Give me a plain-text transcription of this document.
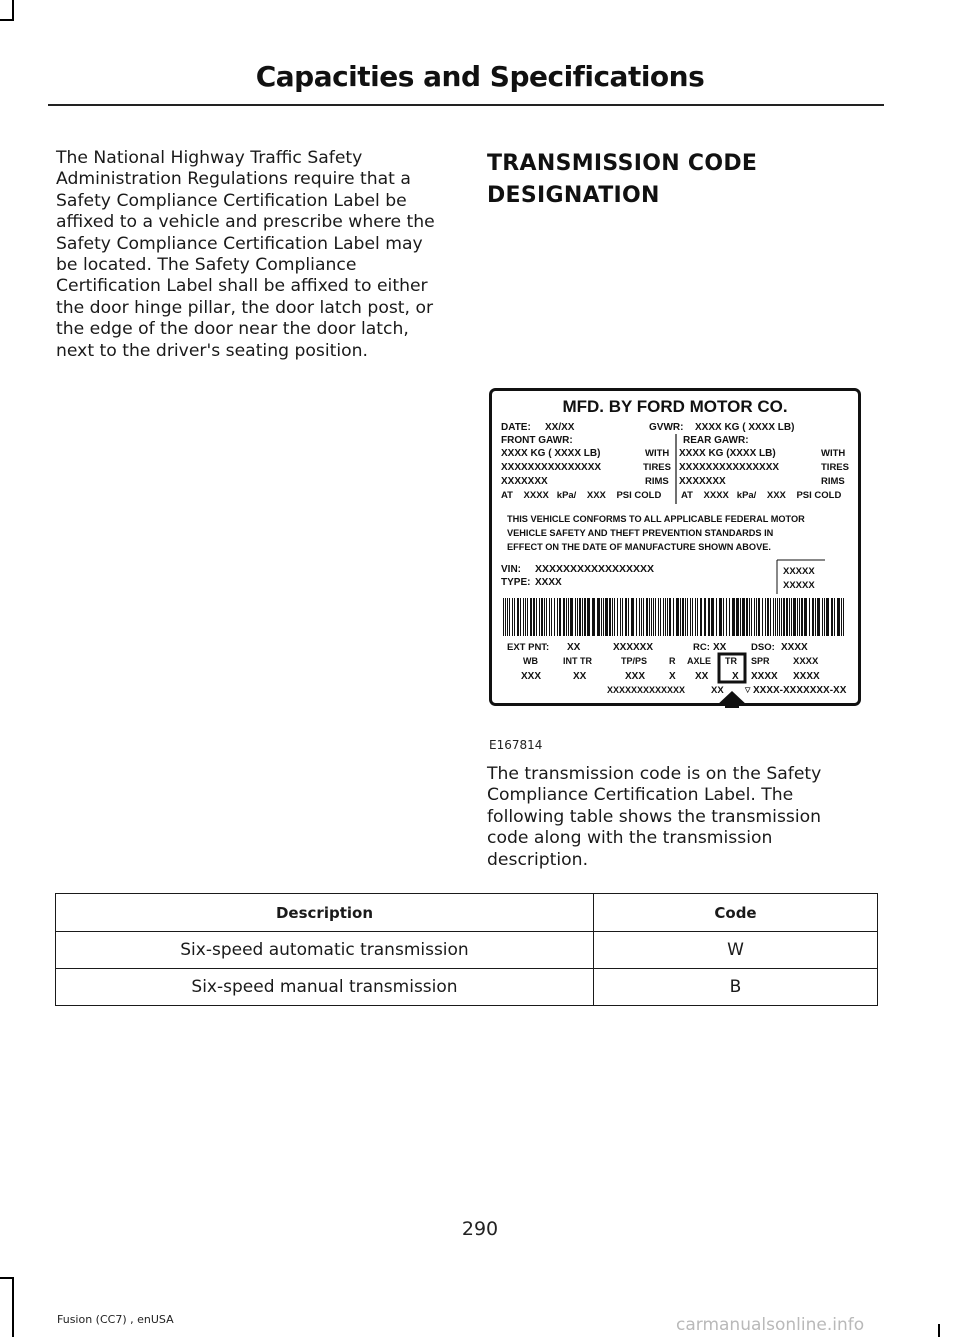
Capacities and Specifications

The National Highway Traffic Safety Administration Regulations require that a Safety Compliance Certification Label be affixed to a vehicle and prescribe where the Safety Compliance Certification Label may be located. The Safety Compliance Certification Label shall be affixed to either the door hinge pillar, the door latch post, or the edge of the door near the door latch, next to the driver's seating position.

TRANSMISSION CODE
DESIGNATION
MFD. BY FORD MOTOR CO.
DATE: XX/XX	GVWR: XXXX KG ( XXXX LB)
FRONT GAWR:	REAR GAWR:
XXXX KG ( XXXX LB)	XXXX KG (XXXX LB)
WITH	WITH
XXXXXXXXXXXXXXX	XXXXXXXXXXXXXXX
TIRES	TIRES
XXXXXXX	XXXXXXX
RIMS	RIMS
AT    XXXX   kPa/    XXX    PSI COLD AT    XXXX   kPa/    XXX    PSI COLD
THIS VEHICLE CONFORMS TO ALL APPLICABLE FEDERAL MOTOR
VEHICLE SAFETY AND THEFT PREVENTION STANDARDS IN
EFFECT ON THE DATE OF MANUFACTURE SHOWN ABOVE.
VIN: XXXXXXXXXXXXXXXXX
TYPE: XXXX
XXXXX
XXXXX
EXT PNT: XX	XXXXXX	RC: XX	DSO: XXXX
WB	INT TR	TP/PS R AXLE TR SPR XXXX
XXX	XX	XXX X XX X XXXX XXXX
XXXXXXXXXXXXX	XX	▽ XXXX-XXXXXXX-XX
E167814

The transmission code is on the Safety Compliance Certification Label. The following table shows the transmission code along with the transmission description.

Description	Code
Six-speed automatic transmission	W
Six-speed manual transmission	B
290
Fusion (CC7) , enUSA	carmanualsonline.info
